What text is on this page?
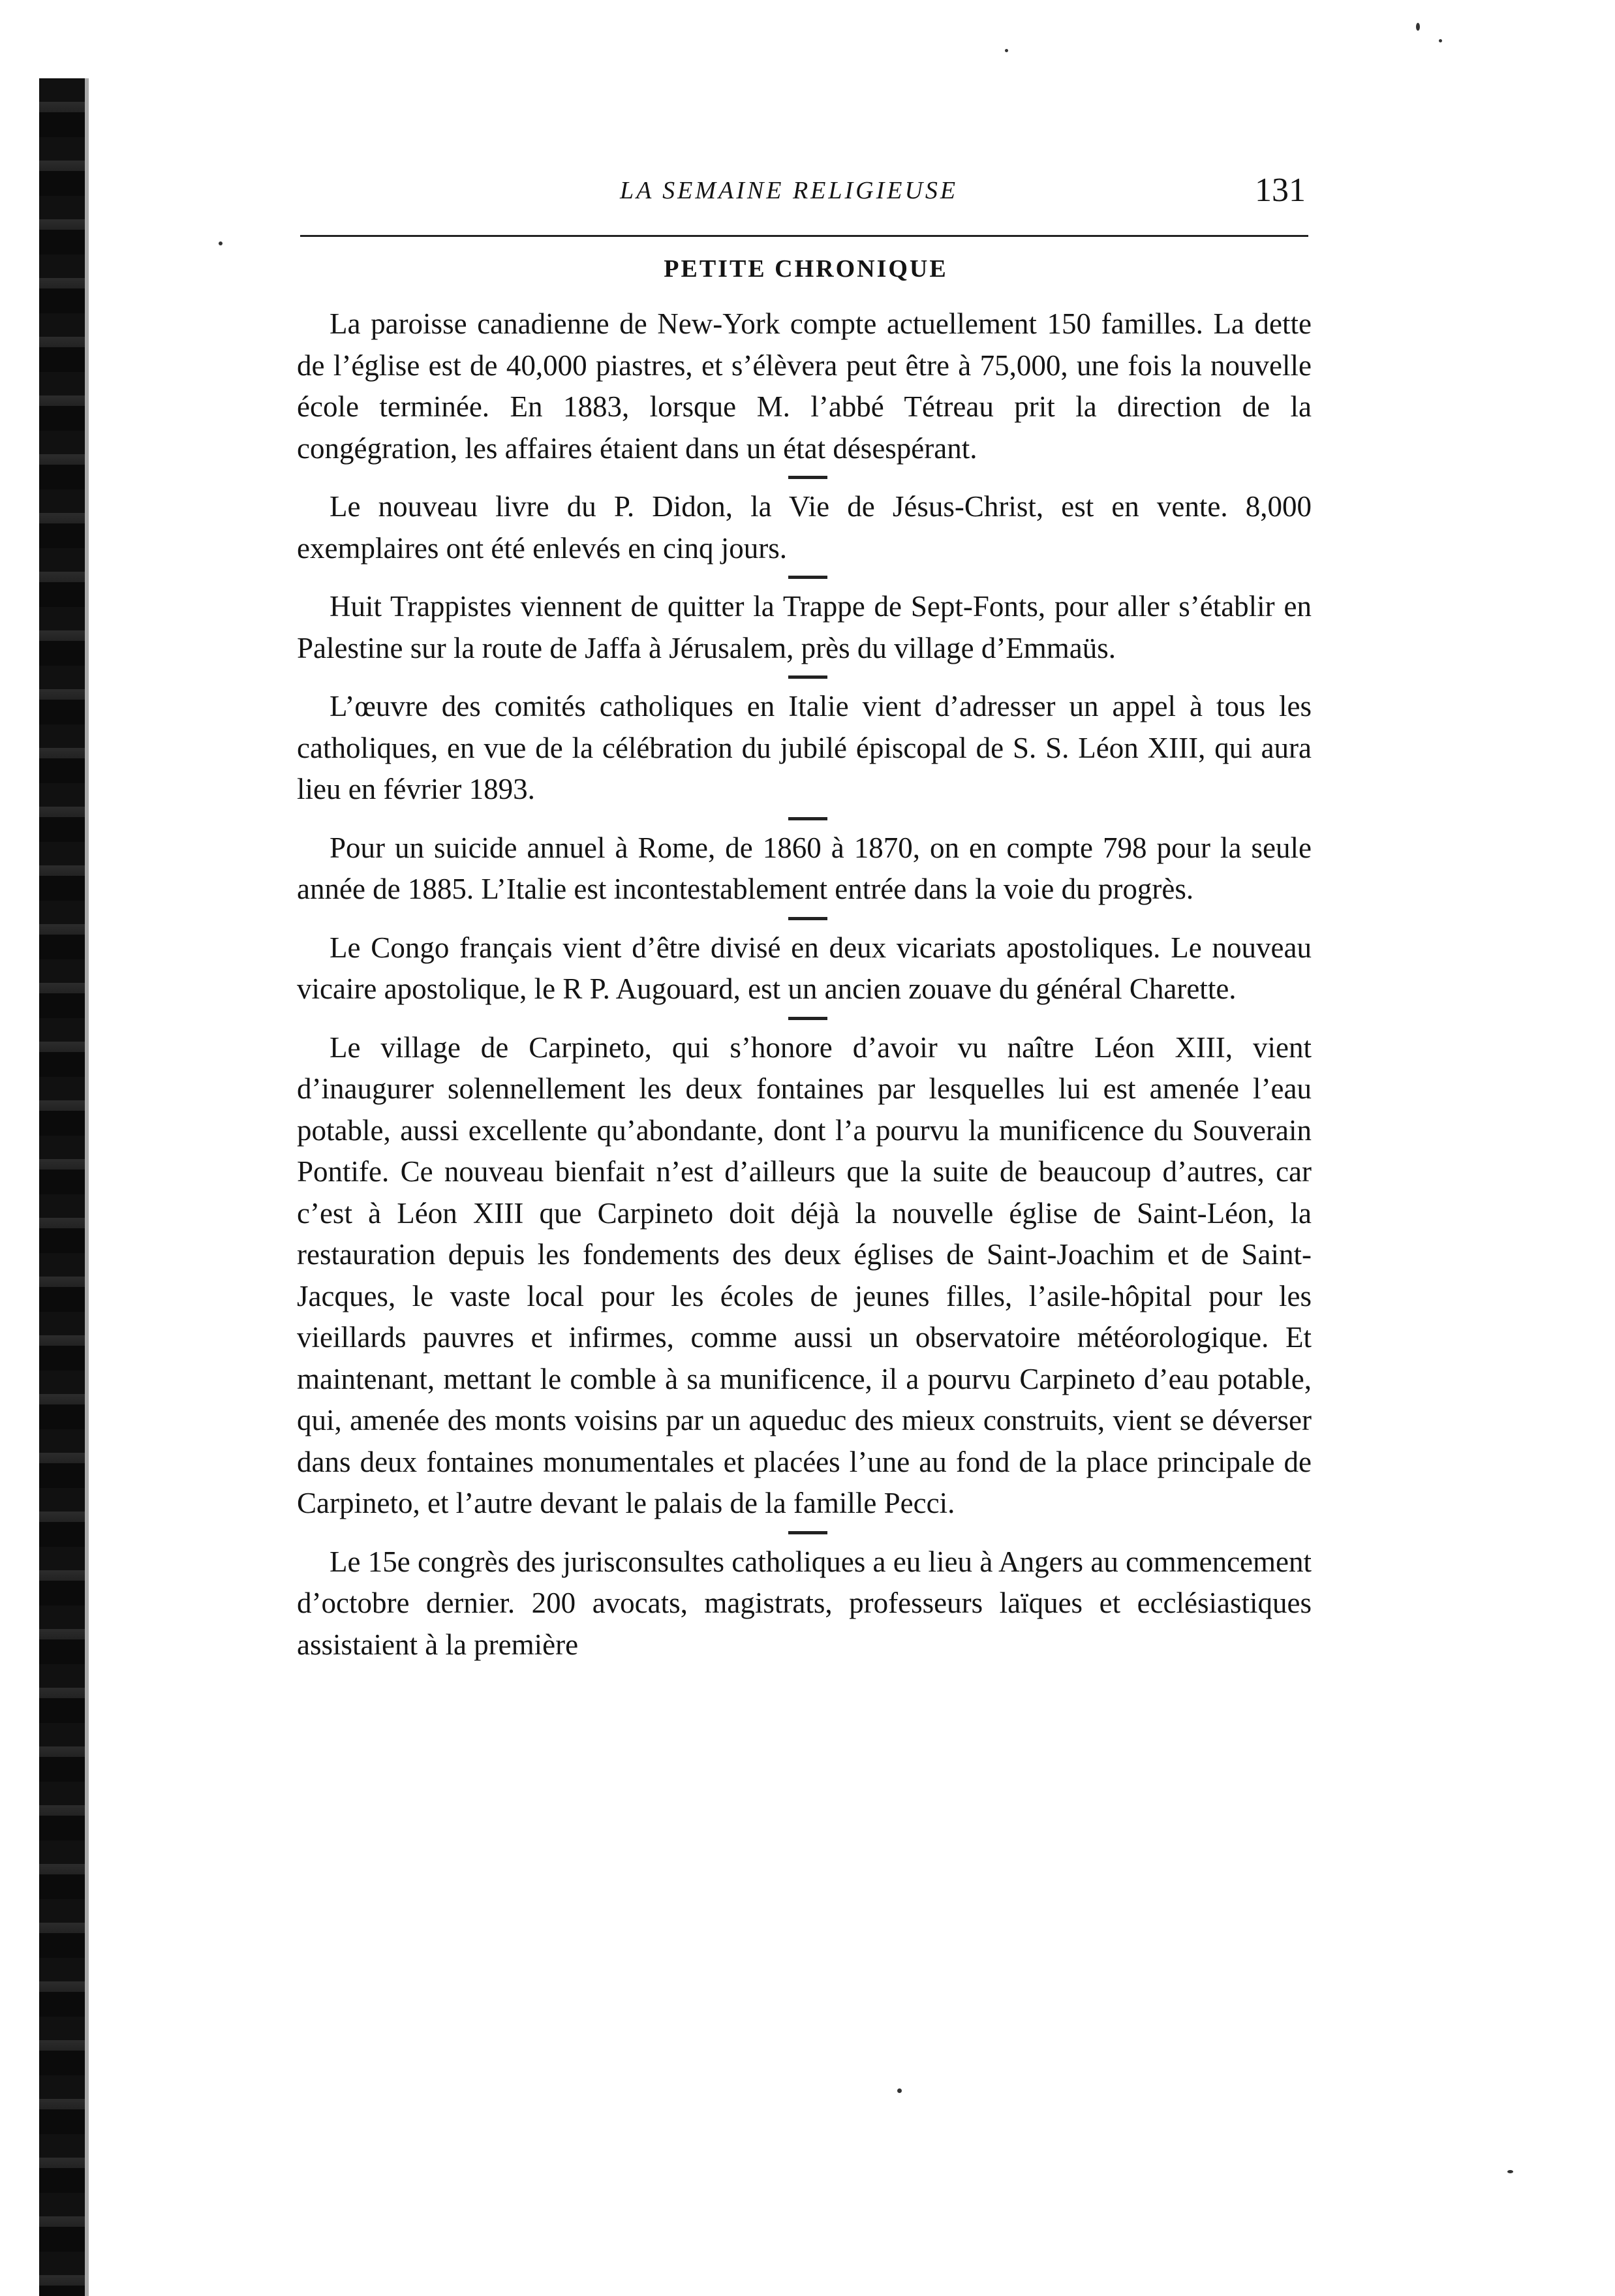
LA SEMAINE RELIGIEUSE	131
PETITE CHRONIQUE

La paroisse canadienne de New-York compte actuellement 150 familles. La dette de l’église est de 40,000 piastres, et s’élèvera peut être à 75,000, une fois la nouvelle école terminée. En 1883, lorsque M. l’abbé Tétreau prit la direction de la congégration, les affaires étaient dans un état désespérant.

Le nouveau livre du P. Didon, la Vie de Jésus-Christ, est en vente. 8,000 exemplaires ont été enlevés en cinq jours.

Huit Trappistes viennent de quitter la Trappe de Sept-Fonts, pour aller s’établir en Palestine sur la route de Jaffa à Jérusalem, près du village d’Emmaüs.

L’œuvre des comités catholiques en Italie vient d’adresser un appel à tous les catholiques, en vue de la célébration du jubilé épiscopal de S. S. Léon XIII, qui aura lieu en février 1893.

Pour un suicide annuel à Rome, de 1860 à 1870, on en compte 798 pour la seule année de 1885. L’Italie est incontestablement entrée dans la voie du progrès.

Le Congo français vient d’être divisé en deux vicariats apostoliques. Le nouveau vicaire apostolique, le R P. Augouard, est un ancien zouave du général Charette.

Le village de Carpineto, qui s’honore d’avoir vu naître Léon XIII, vient d’inaugurer solennellement les deux fontaines par lesquelles lui est amenée l’eau potable, aussi excellente qu’abondante, dont l’a pourvu la munificence du Souverain Pontife. Ce nouveau bienfait n’est d’ailleurs que la suite de beaucoup d’autres, car c’est à Léon XIII que Carpineto doit déjà la nouvelle église de Saint-Léon, la restauration depuis les fondements des deux églises de Saint-Joachim et de Saint-Jacques, le vaste local pour les écoles de jeunes filles, l’asile-hôpital pour les vieillards pauvres et infirmes, comme aussi un observatoire météorologique. Et maintenant, mettant le comble à sa munificence, il a pourvu Carpineto d’eau potable, qui, amenée des monts voisins par un aqueduc des mieux construits, vient se déverser dans deux fontaines monumentales et placées l’une au fond de la place principale de Carpineto, et l’autre devant le palais de la famille Pecci.

Le 15e congrès des jurisconsultes catholiques a eu lieu à Angers au commencement d’octobre dernier. 200 avocats, magistrats, professeurs laïques et ecclésiastiques assistaient à la première
